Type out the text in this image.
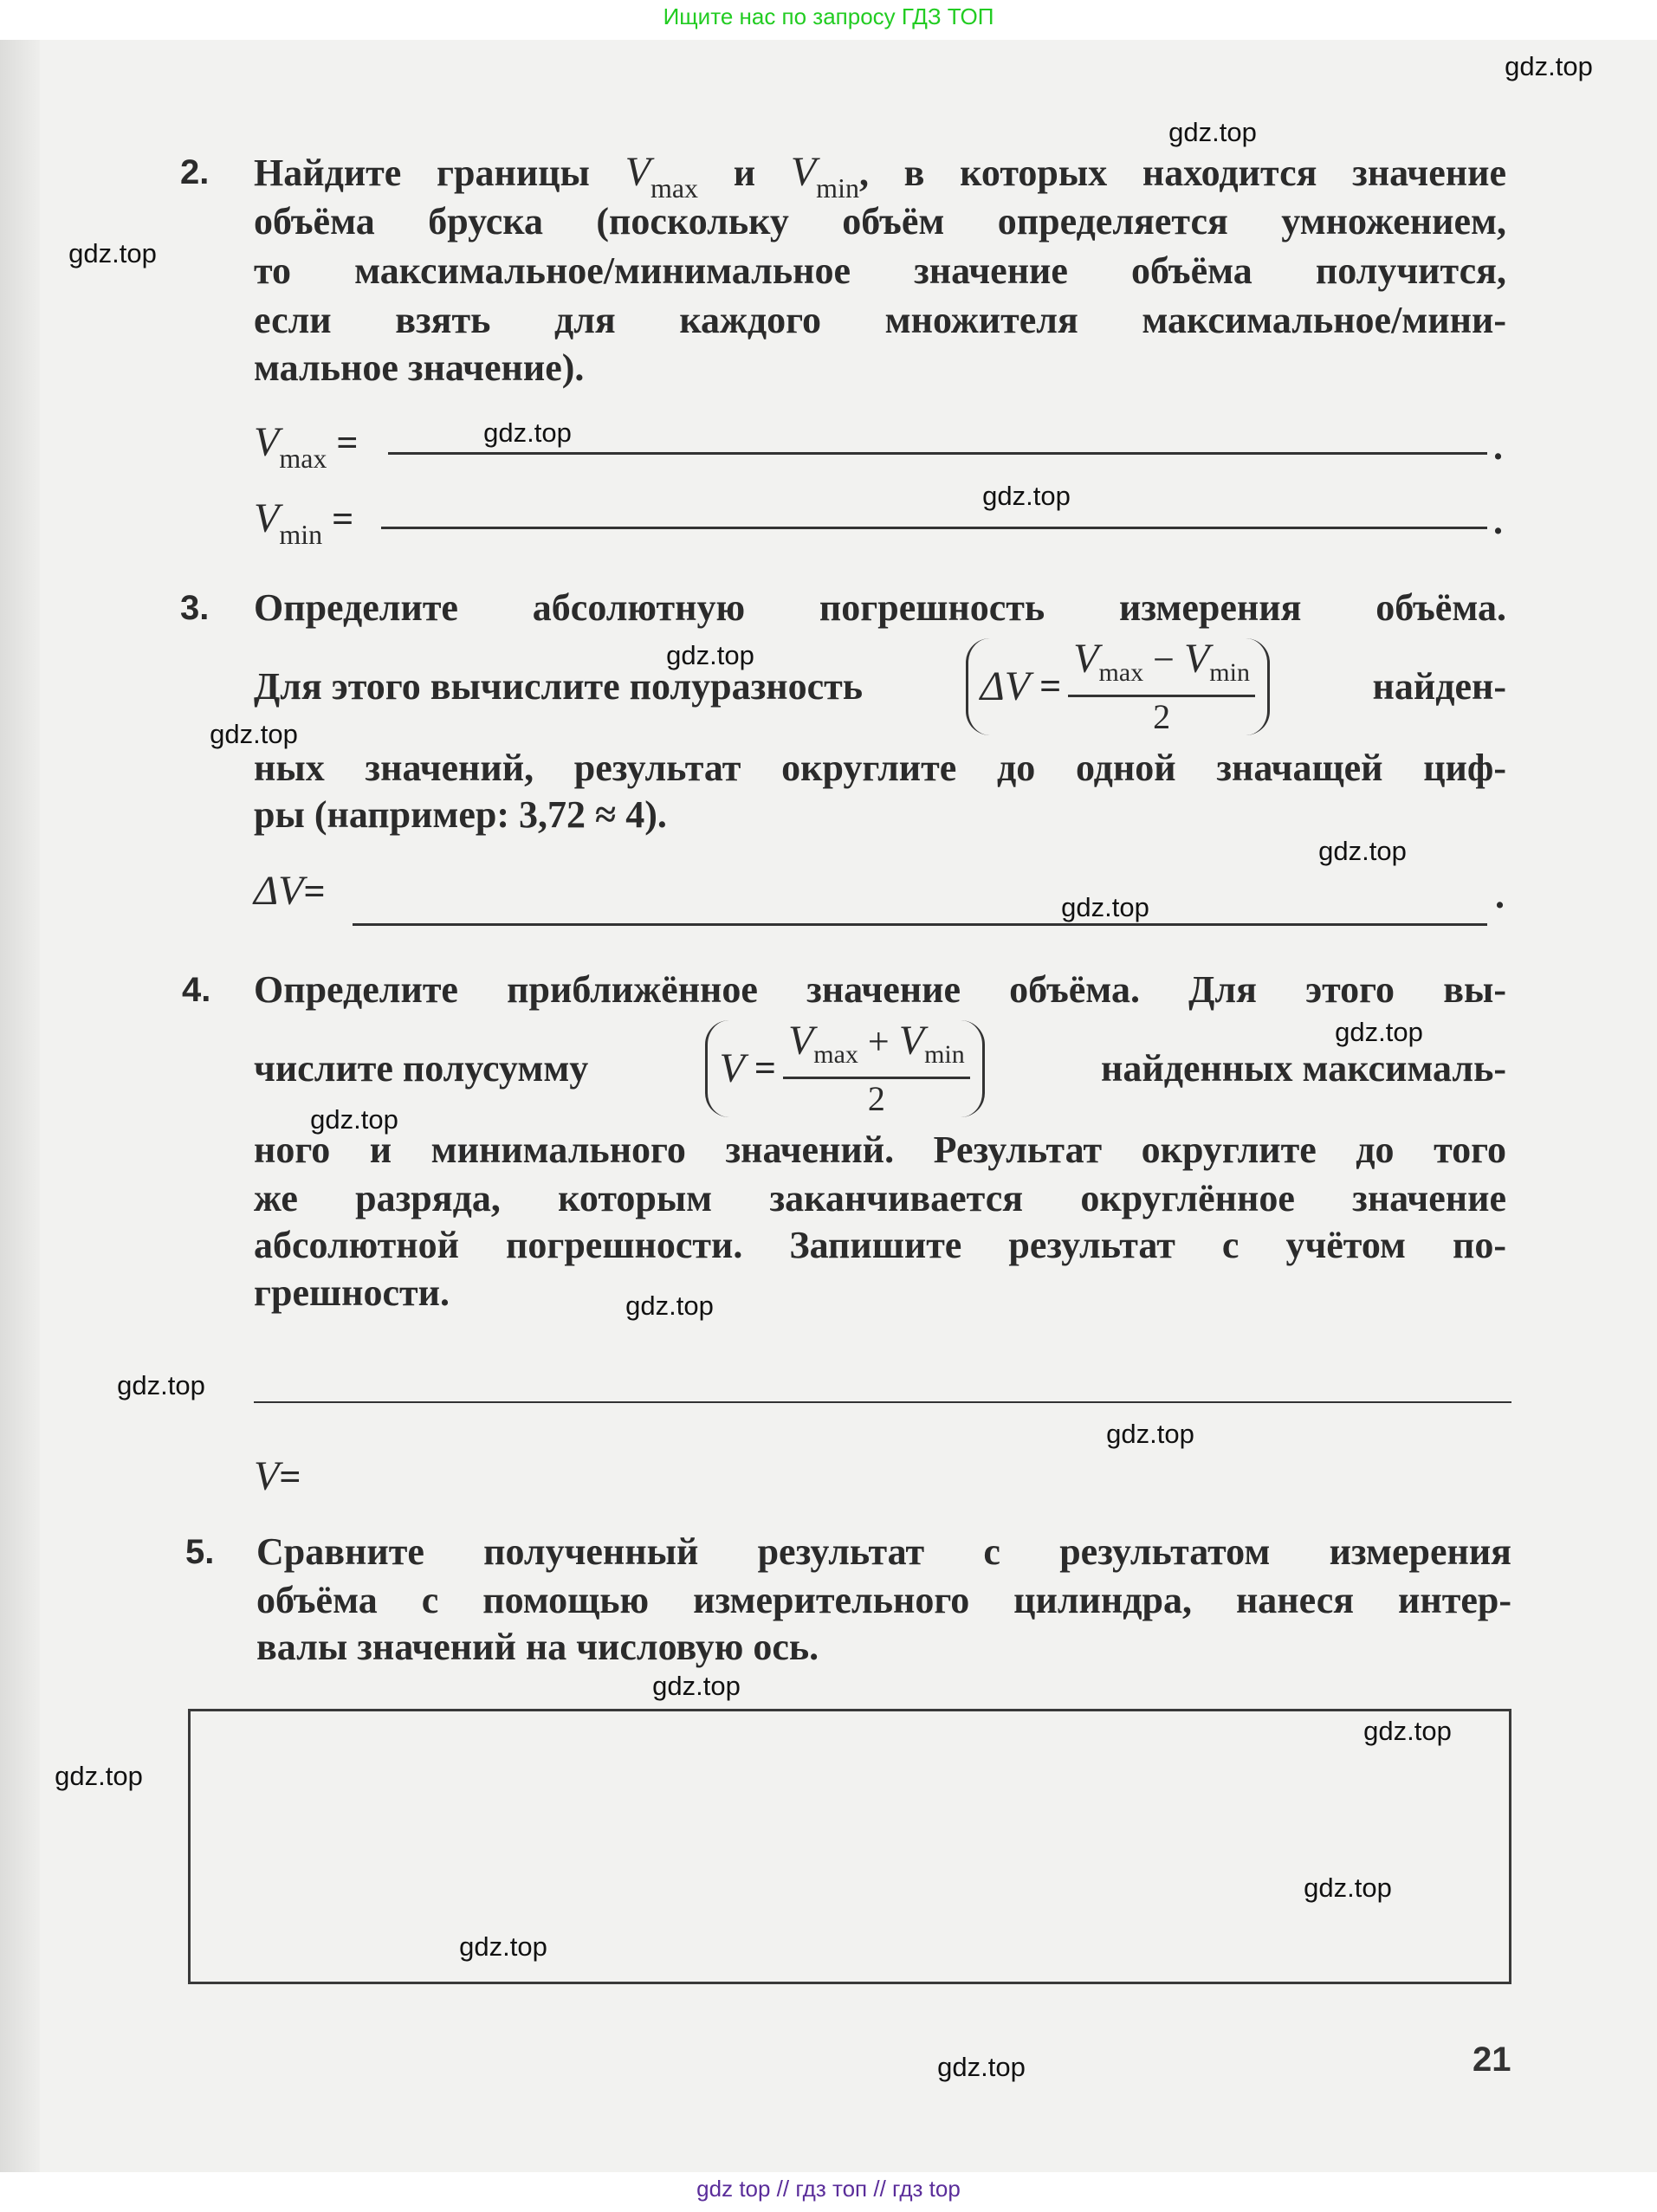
Ищите нас по запросу ГДЗ ТОП
2. Найдите границы $V_{max}$ и $V_{min}$, в которых находится значение
объёма бруска (поскольку объём определяется умножением,
то максимальное/минимальное значение объёма получится,
если взять для каждого множителя максимальное/мини-
мальное значение).
$V_{max}$ =	.
$V_{min}$ =	.
3. Определите абсолютную погрешность измерения объёма.
Для этого вычислите полуразность	ΔV
= $\frac{V_{max} - V_{min}}{2}$	найден-
ных значений, результат округлите до одной значащей циф-
ры (например: 3,72 ≈ 4).
ΔV=	.
4. Определите приближённое значение объёма. Для этого вы-
числите полусумму	V
= $\frac{V_{max} + V_{min}}{2}$	найденных максималь-
ного и минимального значений. Результат округлите до того
же разряда, которым заканчивается округлённое значение
абсолютной погрешности. Запишите результат с учётом по-
грешности.
V=
5. Сравните полученный результат с результатом измерения
объёма с помощью измерительного цилиндра, нанеся интер-
валы значений на числовую ось.
21
gdz.top
gdz.top
gdz.top
gdz.top
gdz.top
gdz.top
gdz.top
gdz.top
gdz.top
gdz.top
gdz.top
gdz.top
gdz.top
gdz.top
gdz.top
gdz.top
gdz.top
gdz.top
gdz.top
gdz.top
gdz top // гдз топ // гдз top
